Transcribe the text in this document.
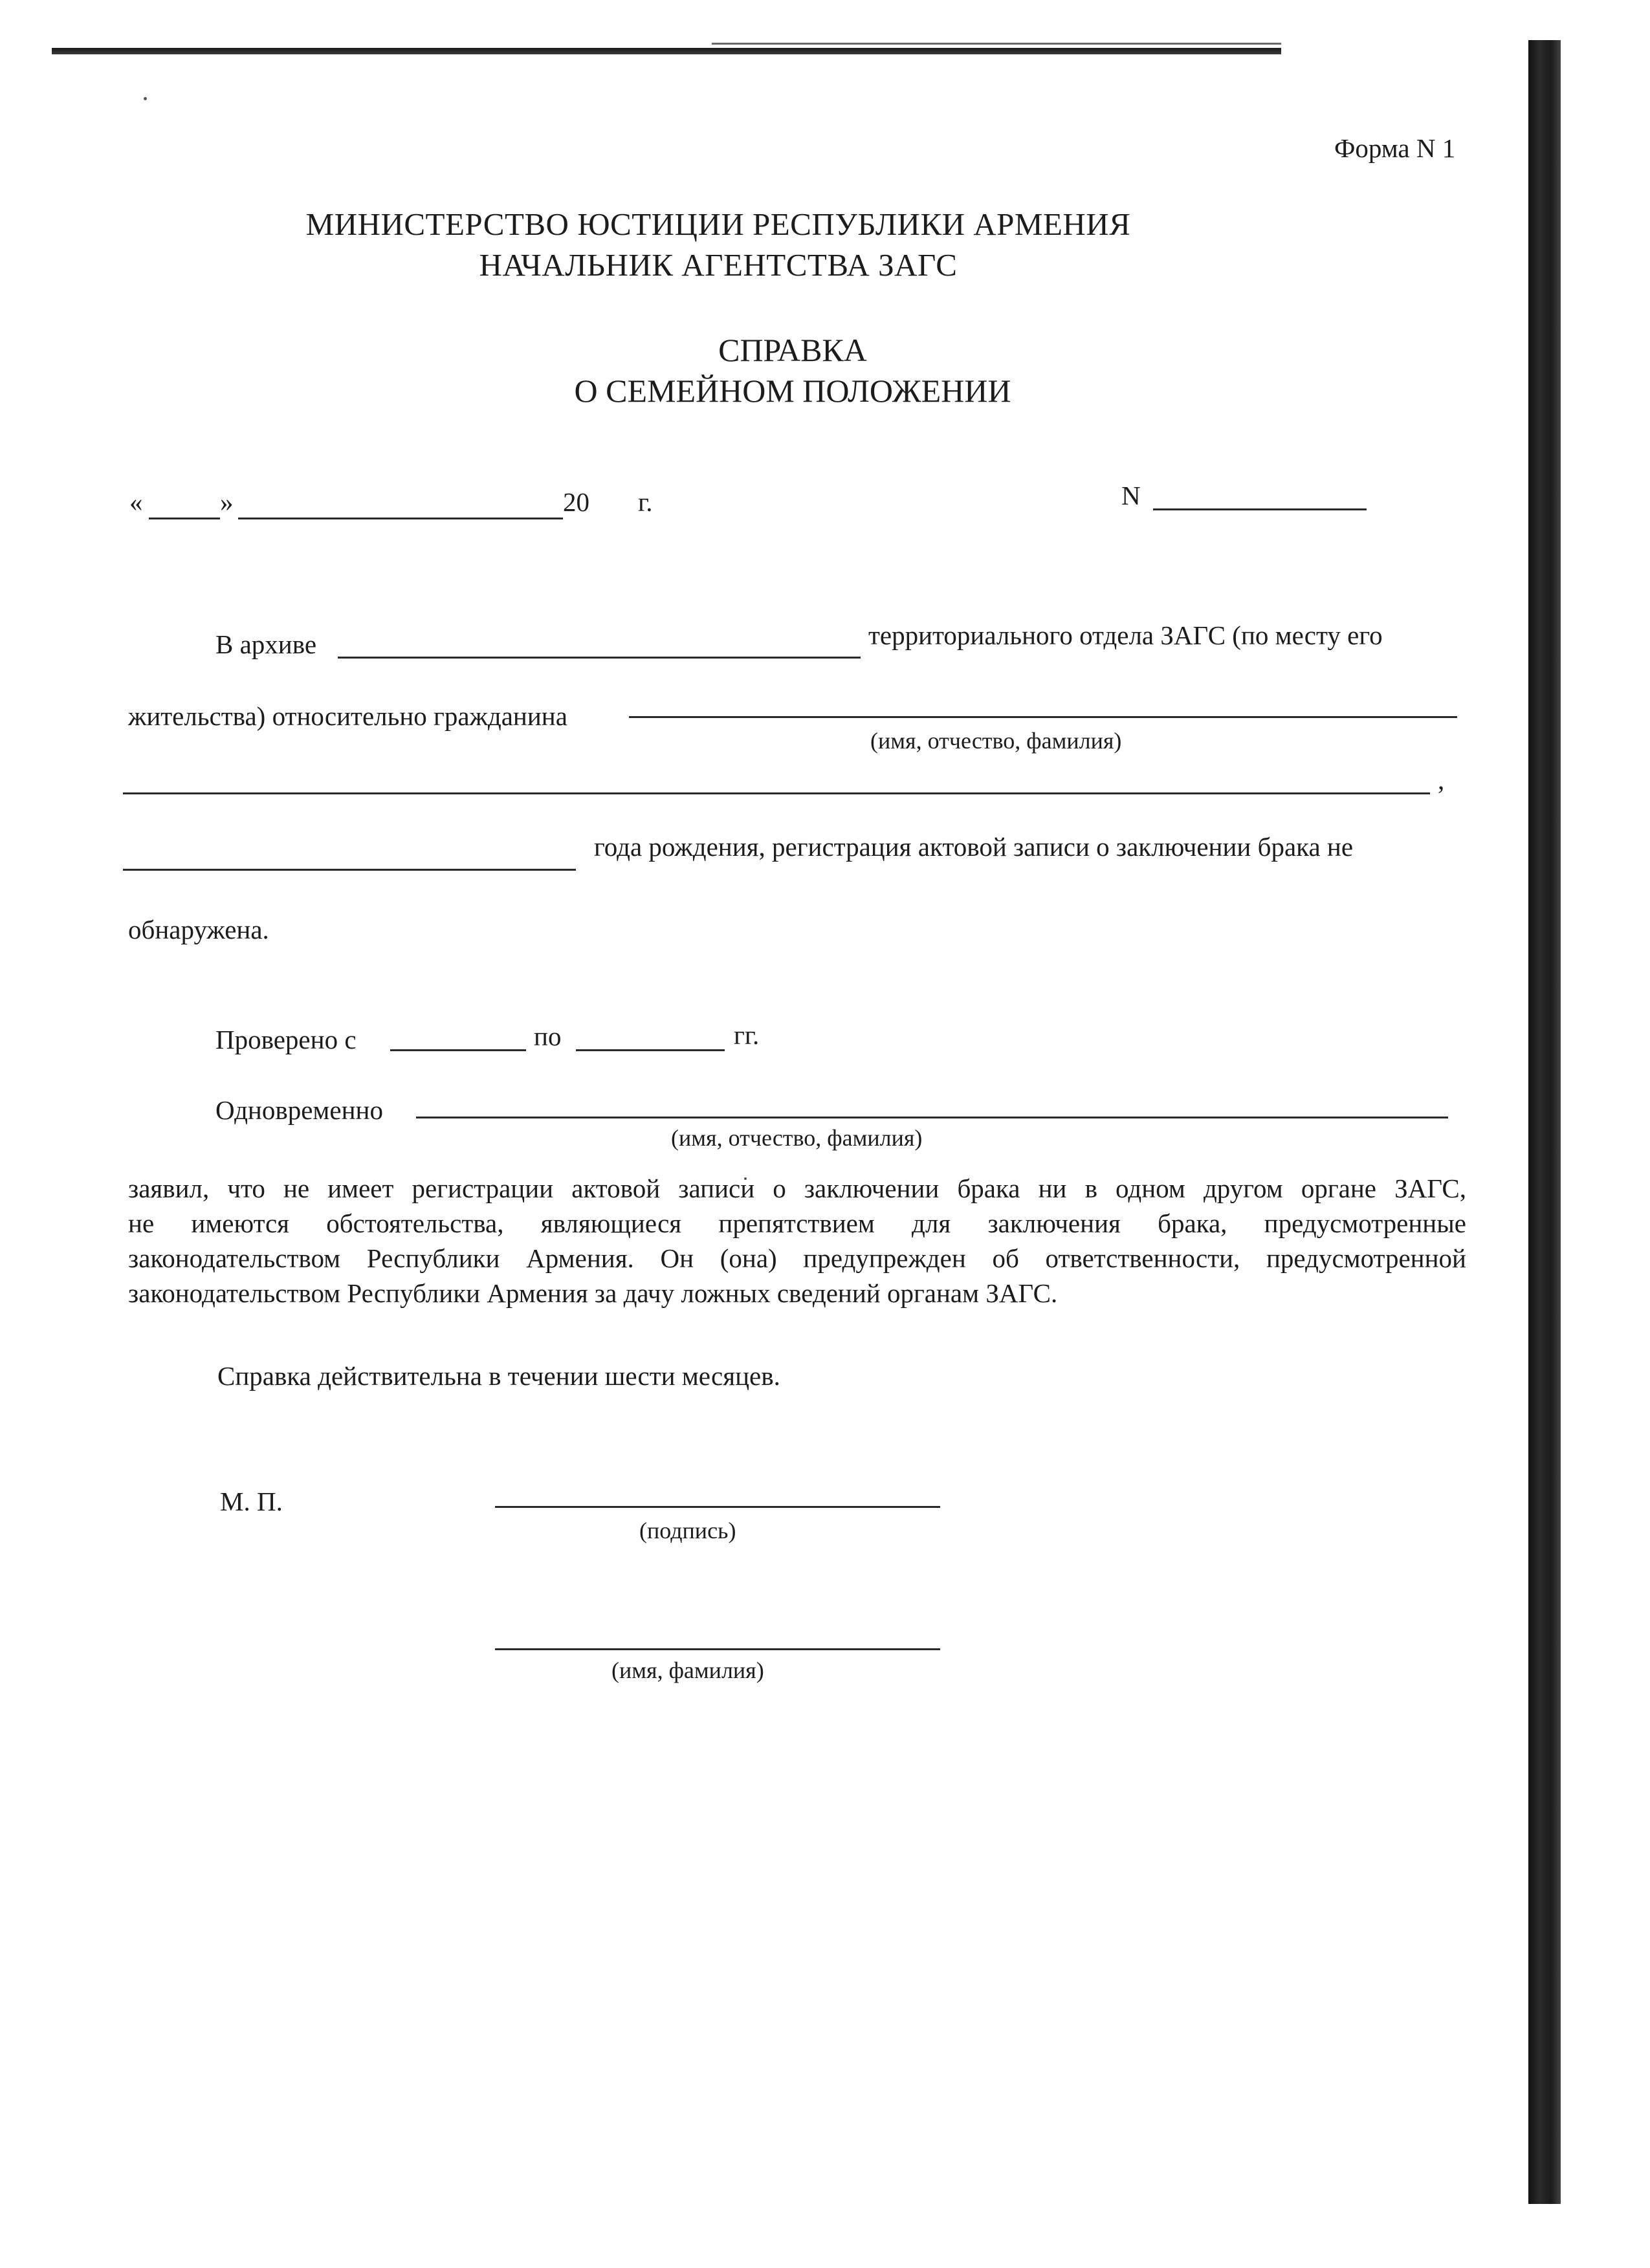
Форма N 1
МИНИСТЕРСТВО ЮСТИЦИИ РЕСПУБЛИКИ АРМЕНИЯ
НАЧАЛЬНИК АГЕНТСТВА ЗАГС
СПРАВКА
О СЕМЕЙНОМ ПОЛОЖЕНИИ
«	»	20 г.	N
В архиве	территориального отдела ЗАГС (по месту его
жительства) относительно гражданина
(имя, отчество, фамилия)
,
года рождения, регистрация актовой записи о заключении брака не
обнаружена.
Проверено с	по	гг.
Одновременно
(имя, отчество, фамилия)
заявил, что не имеет регистрации актовой записи о заключении брака ни в одном другом органе ЗАГС,
не имеются обстоятельства, являющиеся препятствием для заключения брака, предусмотренные
законодательством Республики Армения. Он (она) предупрежден об ответственности, предусмотренной
законодательством Республики Армения за дачу ложных сведений органам ЗАГС.
Справка действительна в течении шести месяцев.
М. П.
(подпись)
(имя, фамилия)
